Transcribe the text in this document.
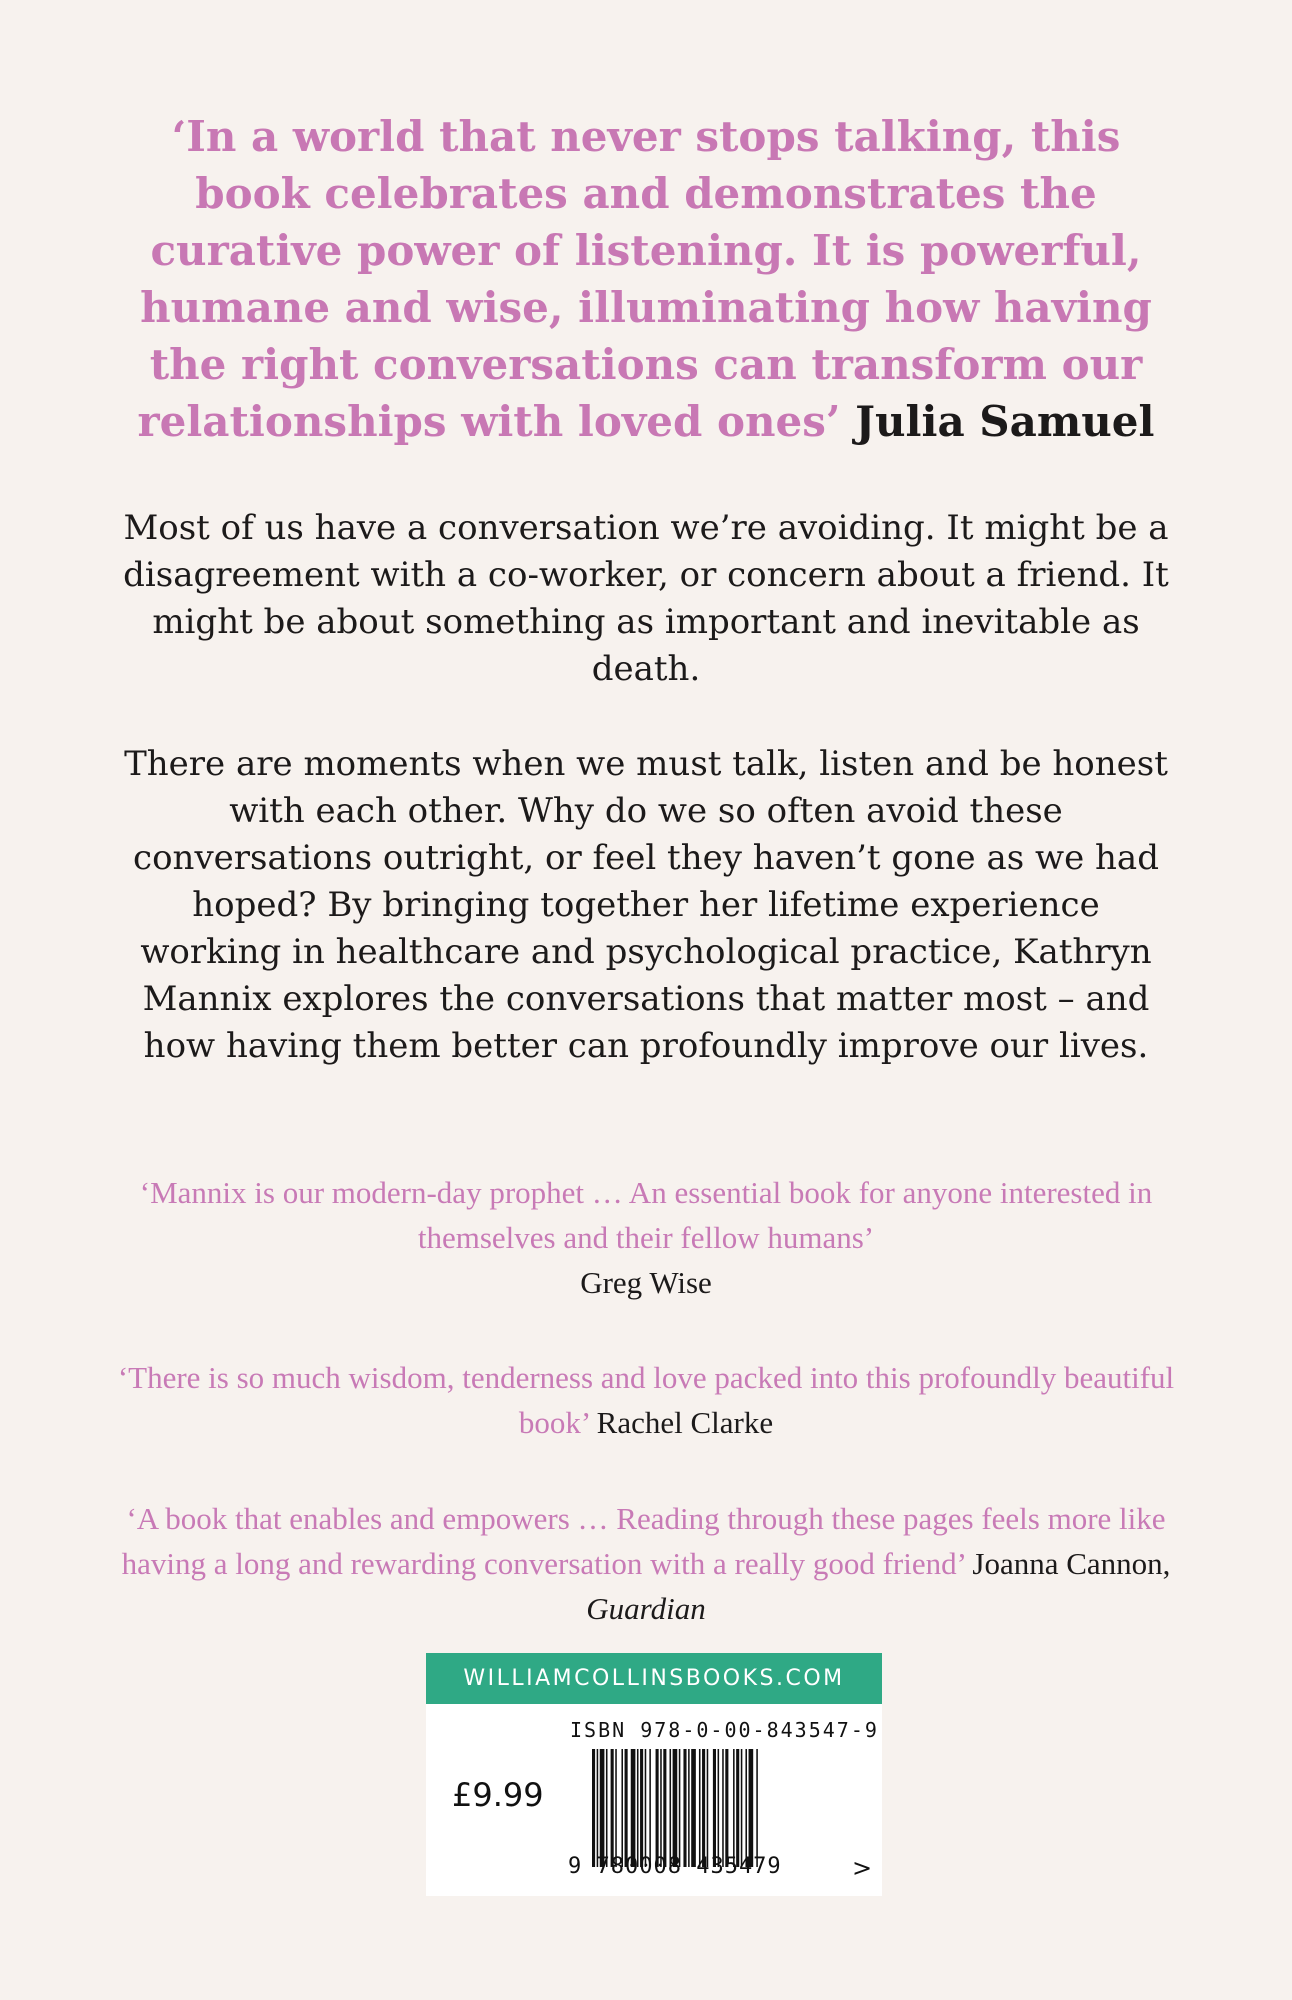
‘In a world that never stops talking, this book celebrates and demonstrates the curative power of listening. It is powerful, humane and wise, illuminating how having the right conversations can transform our relationships with loved ones’ Julia Samuel

Most of us have a conversation we’re avoiding. It might be a disagreement with a co-worker, or concern about a friend. It might be about something as important and inevitable as death.

There are moments when we must talk, listen and be honest with each other. Why do we so often avoid these conversations outright, or feel they haven’t gone as we had hoped? By bringing together her lifetime experience working in healthcare and psychological practice, Kathryn Mannix explores the conversations that matter most – and how having them better can profoundly improve our lives.

‘Mannix is our modern-day prophet … An essential book for anyone interested in themselves and their fellow humans’
Greg Wise
‘There is so much wisdom, tenderness and love packed into this profoundly beautiful book’ Rachel Clarke
‘A book that enables and empowers … Reading through these pages feels more like having a long and rewarding conversation with a really good friend’ Joanna Cannon, Guardian
WILLIAMCOLLINSBOOKS.COM
ISBN 978-0-00-843547-9
£9.99
9 780008 435479	>
